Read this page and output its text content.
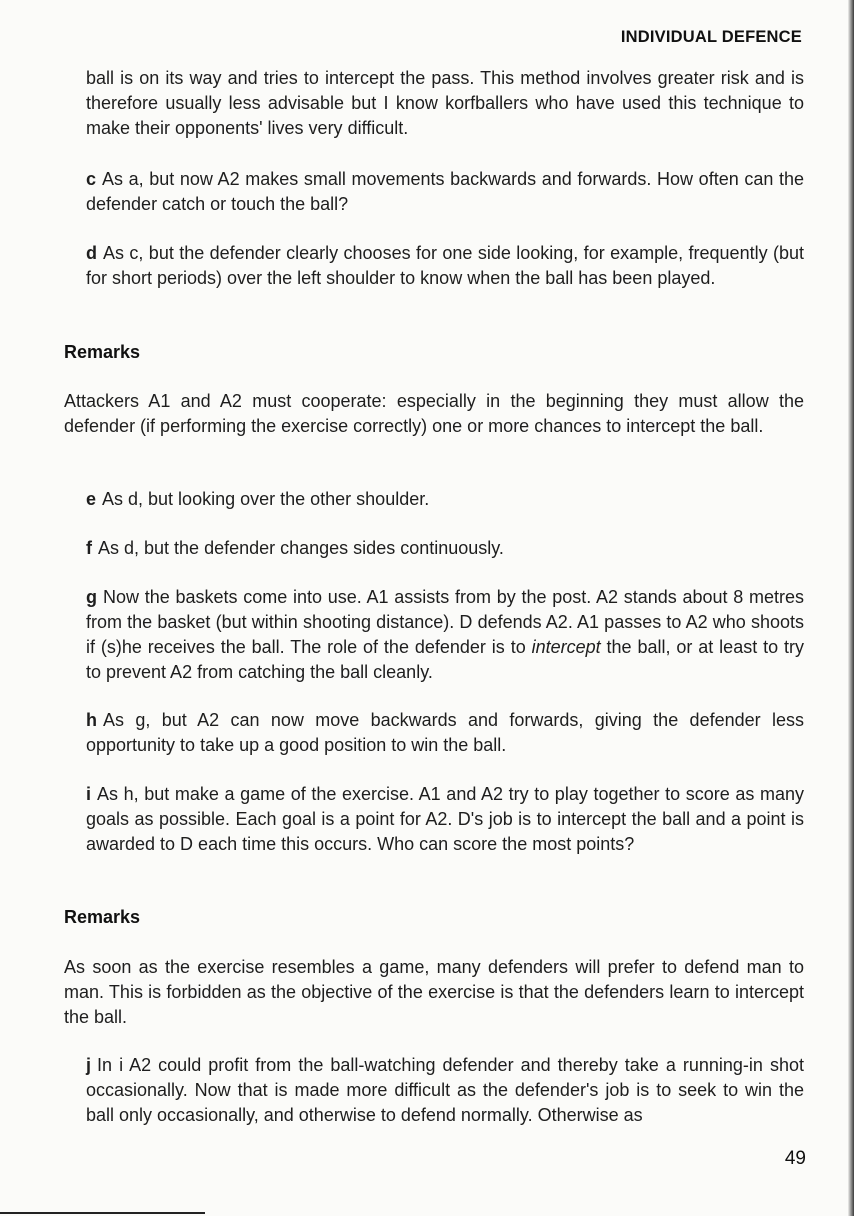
INDIVIDUAL DEFENCE

ball is on its way and tries to intercept the pass. This method involves greater risk and is therefore usually less advisable but I know korfballers who have used this technique to make their opponents' lives very difficult.

c As a, but now A2 makes small movements backwards and forwards. How often can the defender catch or touch the ball?

d As c, but the defender clearly chooses for one side looking, for example, frequently (but for short periods) over the left shoulder to know when the ball has been played.

Remarks

Attackers A1 and A2 must cooperate: especially in the beginning they must allow the defender (if performing the exercise correctly) one or more chances to intercept the ball.

e As d, but looking over the other shoulder.

f As d, but the defender changes sides continuously.

g Now the baskets come into use. A1 assists from by the post. A2 stands about 8 metres from the basket (but within shooting distance). D defends A2. A1 passes to A2 who shoots if (s)he receives the ball. The role of the defender is to intercept the ball, or at least to try to prevent A2 from catching the ball cleanly.

h As g, but A2 can now move backwards and forwards, giving the defender less opportunity to take up a good position to win the ball.

i As h, but make a game of the exercise. A1 and A2 try to play together to score as many goals as possible. Each goal is a point for A2. D's job is to intercept the ball and a point is awarded to D each time this occurs. Who can score the most points?

Remarks

As soon as the exercise resembles a game, many defenders will prefer to defend man to man. This is forbidden as the objective of the exercise is that the defenders learn to intercept the ball.

j In i A2 could profit from the ball-watching defender and thereby take a running-in shot occasionally. Now that is made more difficult as the defender's job is to seek to win the ball only occasionally, and otherwise to defend normally. Otherwise as

49
